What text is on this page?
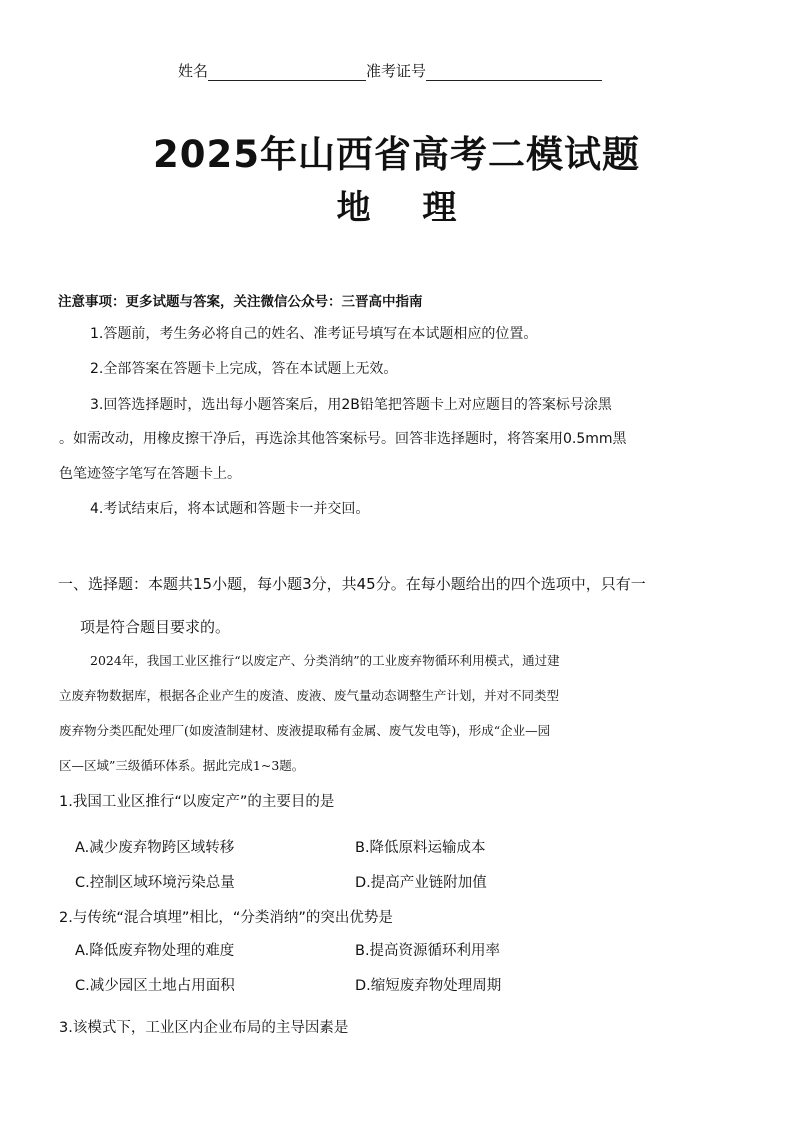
姓名	准考证号
2025年山西省高考二模试题
地 理
注意事项：更多试题与答案，关注微信公众号：三晋高中指南
1.答题前，考生务必将自己的姓名、准考证号填写在本试题相应的位置。
2.全部答案在答题卡上完成，答在本试题上无效。
3.回答选择题时，选出每小题答案后，用2B铅笔把答题卡上对应题目的答案标号涂黑
。如需改动，用橡皮擦干净后，再选涂其他答案标号。回答非选择题时，将答案用0.5mm黑
色笔迹签字笔写在答题卡上。
4.考试结束后，将本试题和答题卡一并交回。
一、选择题：本题共15小题，每小题3分，共45分。在每小题给出的四个选项中，只有一
项是符合题目要求的。
2024年，我国工业区推行“以废定产、分类消纳”的工业废弃物循环利用模式，通过建
立废弃物数据库，根据各企业产生的废渣、废液、废气量动态调整生产计划，并对不同类型
废弃物分类匹配处理厂(如废渣制建材、废液提取稀有金属、废气发电等)，形成“企业—园
区—区域”三级循环体系。据此完成1~3题。
1.我国工业区推行“以废定产”的主要目的是
A.减少废弃物跨区域转移	B.降低原料运输成本
C.控制区域环境污染总量	D.提高产业链附加值
2.与传统“混合填埋”相比，“分类消纳”的突出优势是
A.降低废弃物处理的难度	B.提高资源循环利用率
C.减少园区土地占用面积	D.缩短废弃物处理周期
3.该模式下，工业区内企业布局的主导因素是
